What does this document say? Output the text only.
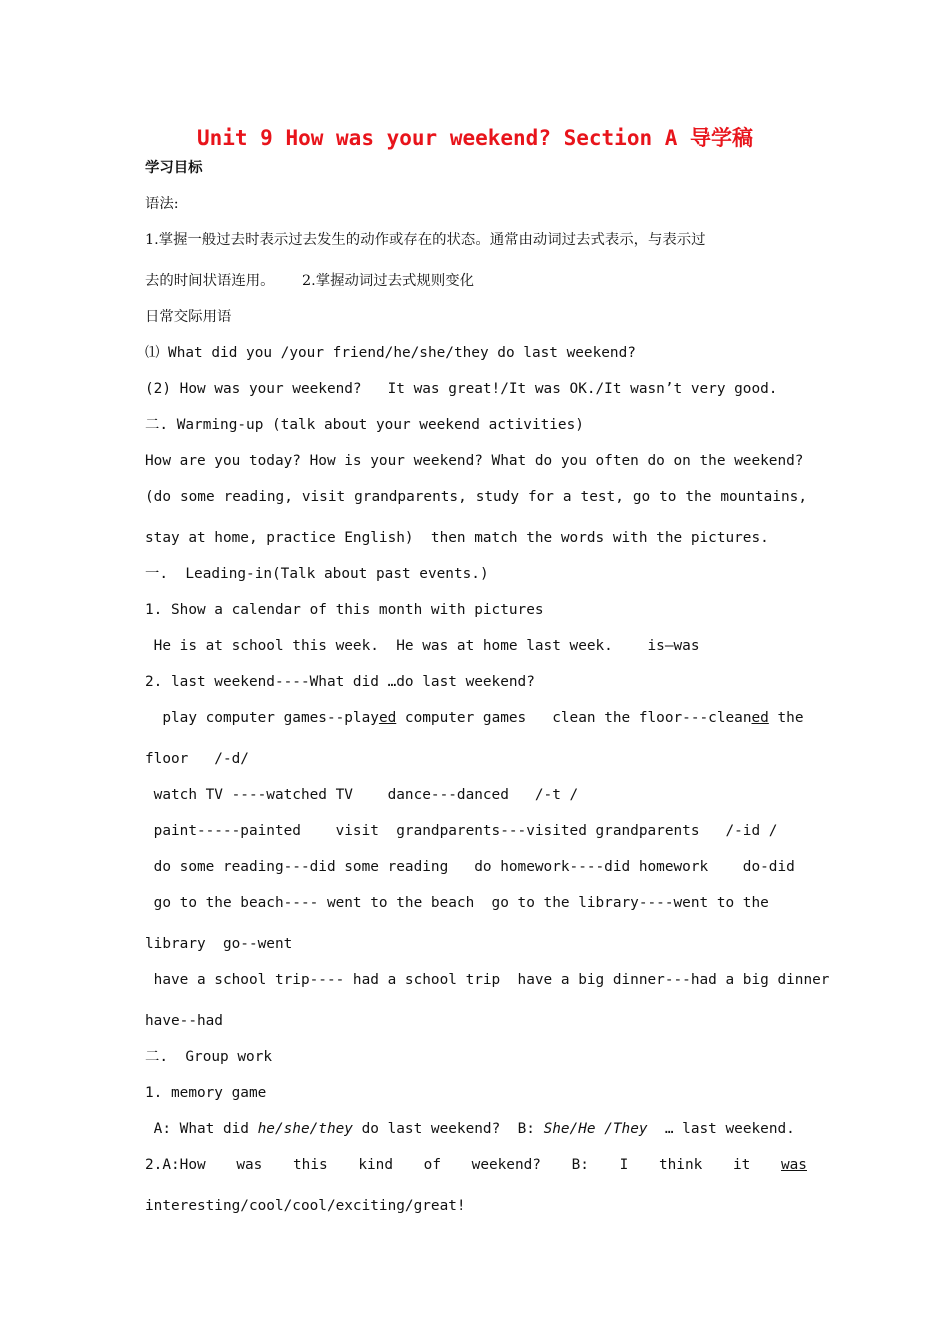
Unit 9 How was your weekend? Section A 导学稿
学习目标
语法:
1.掌握一般过去时表示过去发生的动作或存在的状态。通常由动词过去式表示，与表示过
去的时间状语连用。      2.掌握动词过去式规则变化
日常交际用语
⑴ What did you /your friend/he/she/they do last weekend?
(2) How was your weekend?   It was great!/It was OK./It wasn’t very good.
二. Warming-up (talk about your weekend activities)
How are you today? How is your weekend? What do you often do on the weekend?
(do some reading, visit grandparents, study for a test, go to the mountains,
stay at home, practice English)  then match the words with the pictures.
一.  Leading-in(Talk about past events.)
1. Show a calendar of this month with pictures
He is at school this week.  He was at home last week.    is—was
2. last weekend----What did …do last weekend?
play computer games--played computer games   clean the floor---cleaned the
floor   /-d/
watch TV ----watched TV    dance---danced   /-t /
paint-----painted    visit  grandparents---visited grandparents   /-id /
do some reading---did some reading   do homework----did homework    do-did
go to the beach---- went to the beach  go to the library----went to the
library  go--went
have a school trip---- had a school trip  have a big dinner---had a big dinner
have--had
二.  Group work
1. memory game
A: What did he/she/they do last weekend?  B: She/He /They  … last weekend.
2.A:How was this kind of weekend? B: I think it was
interesting/cool/cool/exciting/great!
